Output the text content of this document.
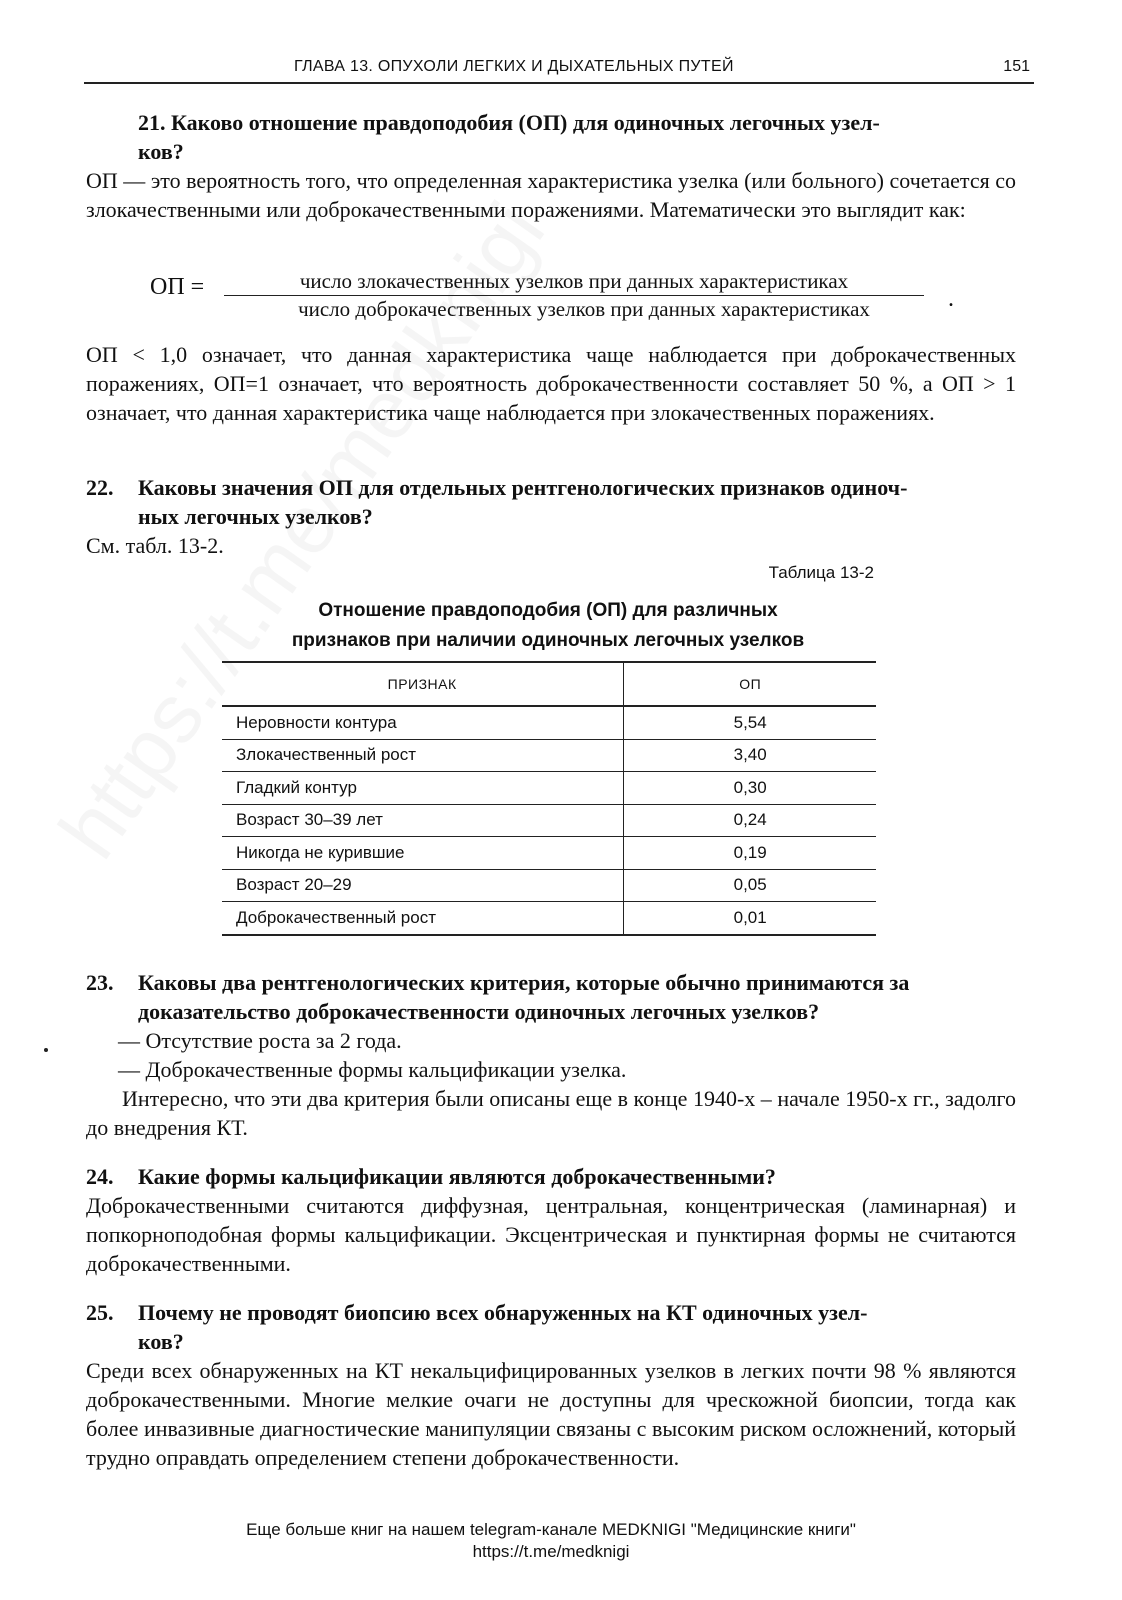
ГЛАВА 13. ОПУХОЛИ ЛЕГКИХ И ДЫХАТЕЛЬНЫХ ПУТЕЙ	151
21. Каково отношение правдоподобия (ОП) для одиночных легочных узел-
ков?

ОП — это вероятность того, что определенная характеристика узелка (или больного) сочетается со злокачественными или доброкачественными поражениями. Математически это выглядит как:

ОП =	число злокачественных узелков при данных характеристиках
число доброкачественных узелков при данных характеристиках	.

ОП < 1,0 означает, что данная характеристика чаще наблюдается при доброкачественных поражениях, ОП=1 означает, что вероятность доброкачественности составляет 50 %, а ОП > 1 означает, что данная характеристика чаще наблюдается при злокачественных поражениях.

22. Каковы значения ОП для отдельных рентгенологических признаков одиноч-
ных легочных узелков?

См. табл. 13-2.

Таблица 13-2
Отношение правдоподобия (ОП) для различных
признаков при наличии одиночных легочных узелков
ПРИЗНАК	ОП
Неровности контура	5,54
Злокачественный рост	3,40
Гладкий контур	0,30
Возраст 30–39 лет	0,24
Никогда не курившие	0,19
Возраст 20–29	0,05
Доброкачественный рост	0,01
23. Каковы два рентгенологических критерия, которые обычно принимаются за
доказательство доброкачественности одиночных легочных узелков?

— Отсутствие роста за 2 года.

— Доброкачественные формы кальцификации узелка.

Интересно, что эти два критерия были описаны еще в конце 1940-х – начале 1950-х гг., задолго до внедрения КТ.

24. Какие формы кальцификации являются доброкачественными?

Доброкачественными считаются диффузная, центральная, концентрическая (ламинарная) и попкорноподобная формы кальцификации. Эксцентрическая и пунктирная формы не считаются доброкачественными.

25. Почему не проводят биопсию всех обнаруженных на КТ одиночных узел-
ков?

Среди всех обнаруженных на КТ некальцифицированных узелков в легких почти 98 % являются доброкачественными. Многие мелкие очаги не доступны для чрескожной биопсии, тогда как более инвазивные диагностические манипуляции связаны с высоким риском осложнений, который трудно оправдать определением степени доброкачественности.

Еще больше книг на нашем telegram-канале MEDKNIGI "Медицинские книги"
https://t.me/medknigi
